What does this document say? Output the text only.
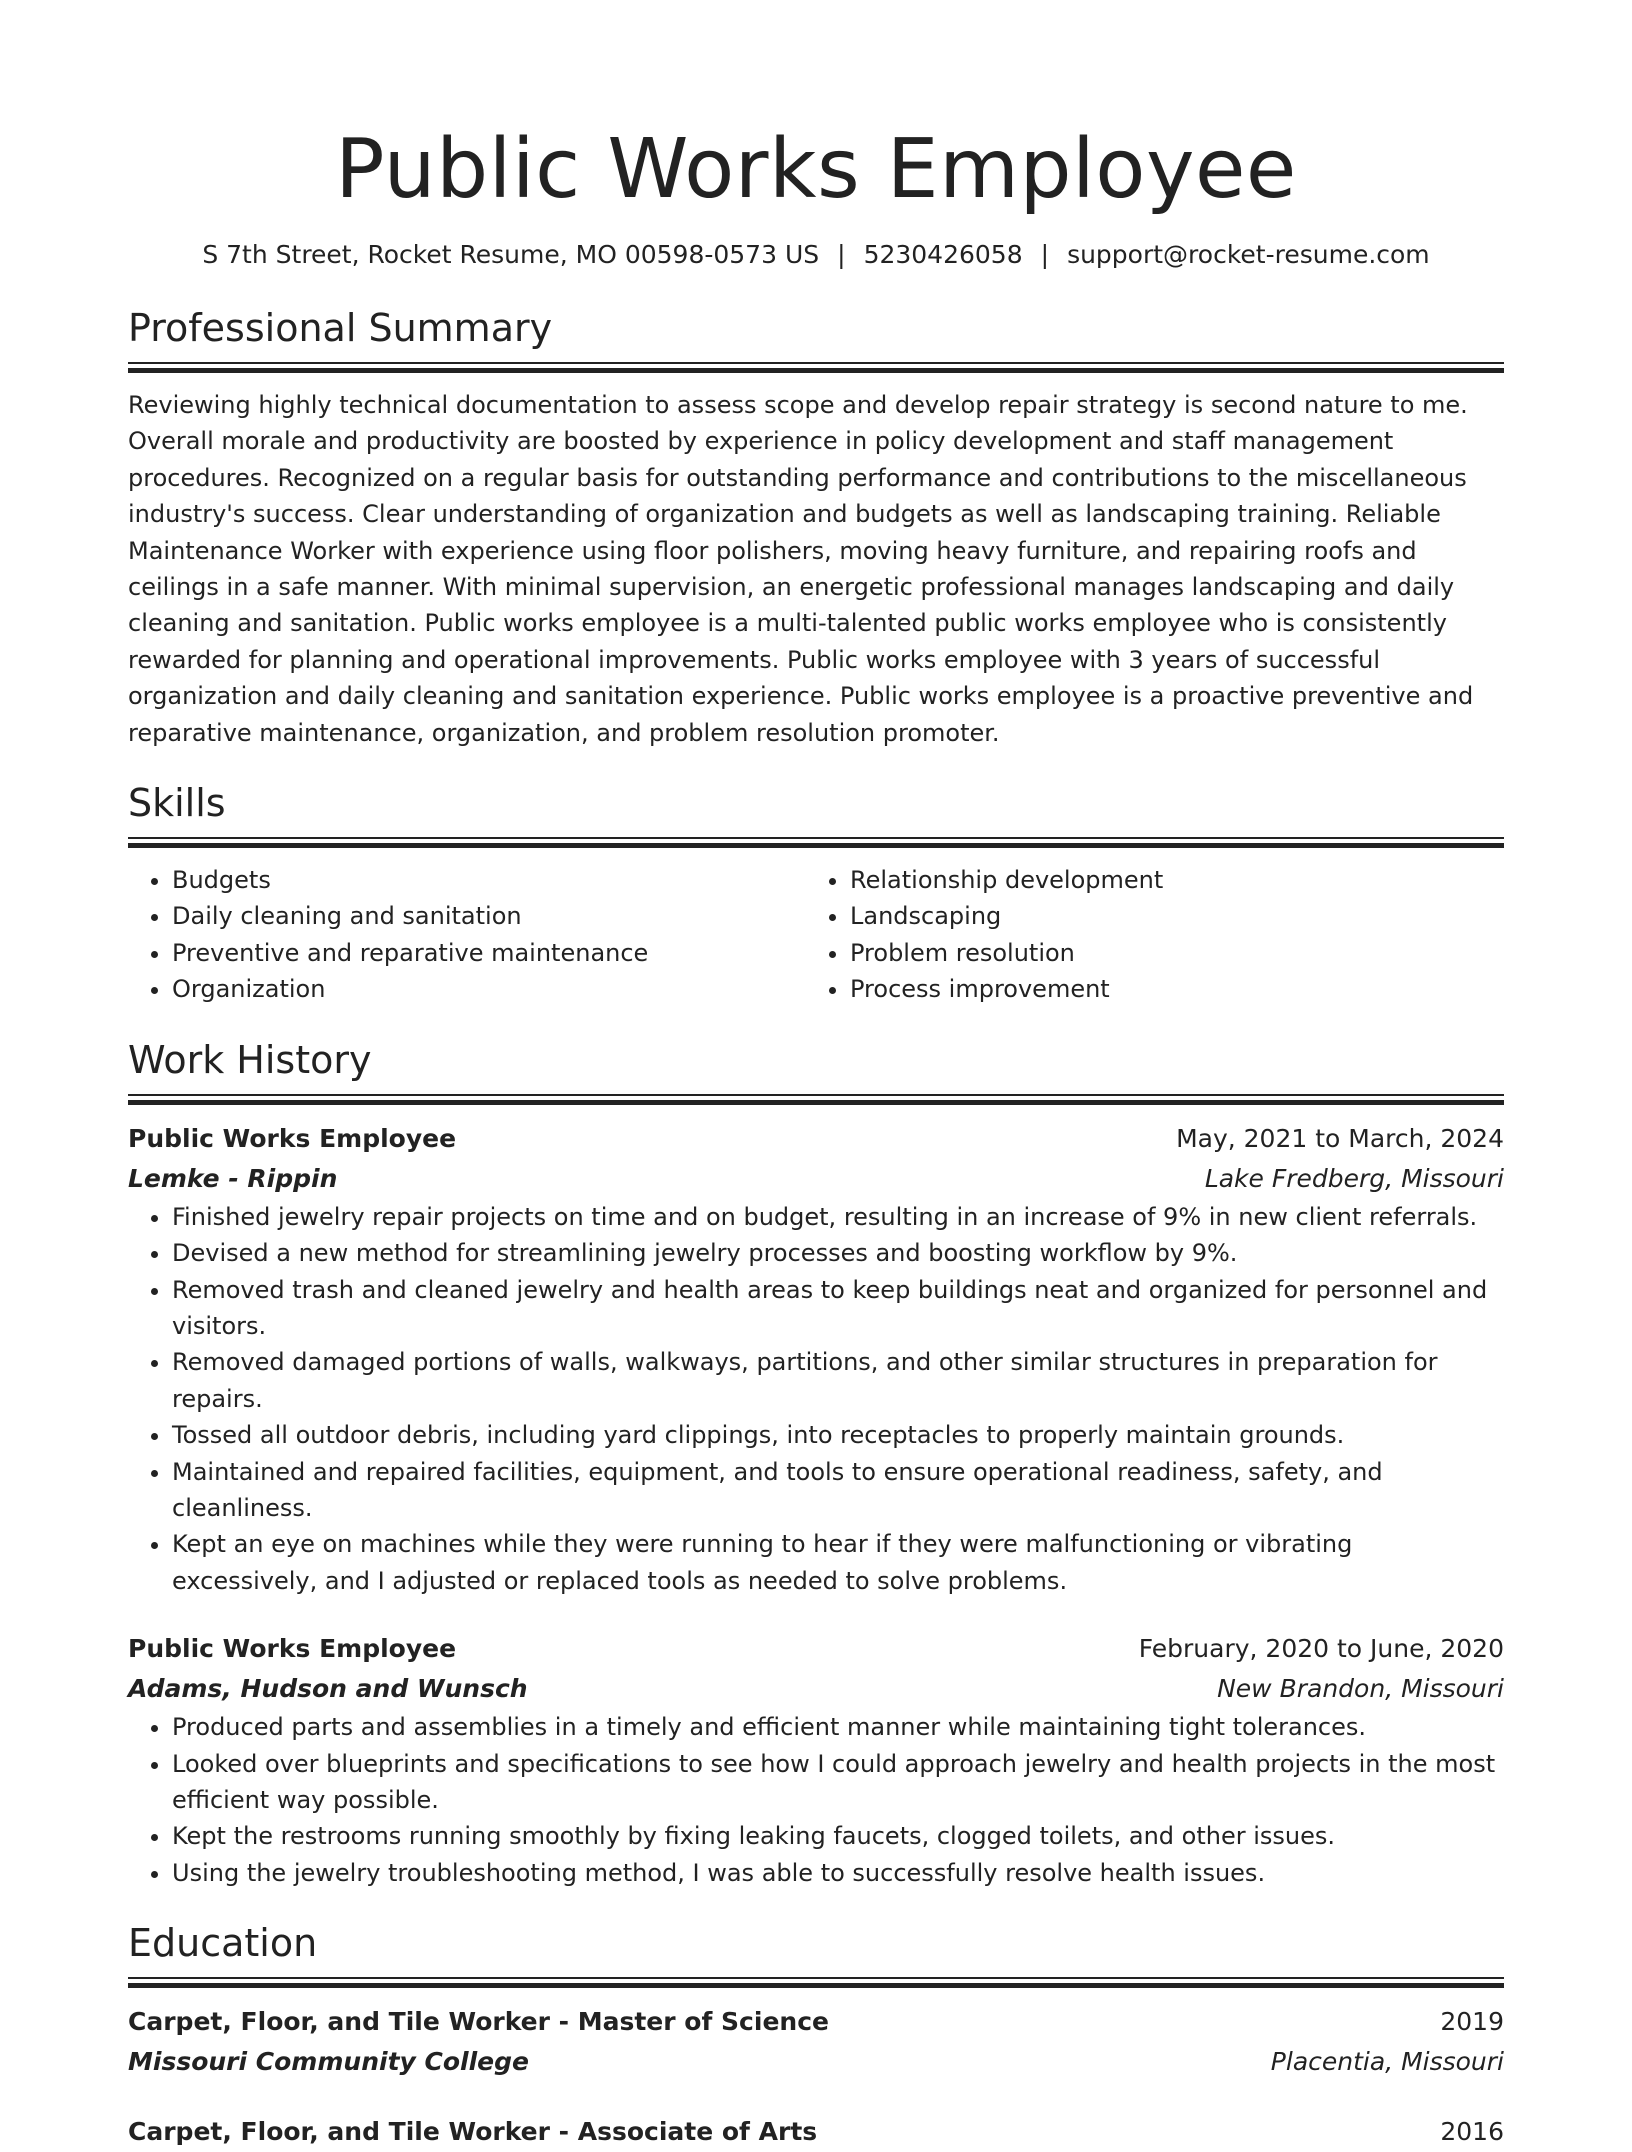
Public Works Employee
S 7th Street, Rocket Resume, MO 00598-0573 US | 5230426058 | support@rocket-resume.com
Professional Summary
Reviewing highly technical documentation to assess scope and develop repair strategy is second nature to me. Overall morale and productivity are boosted by experience in policy development and staff management procedures. Recognized on a regular basis for outstanding performance and contributions to the miscellaneous industry's success. Clear understanding of organization and budgets as well as landscaping training. Reliable Maintenance Worker with experience using floor polishers, moving heavy furniture, and repairing roofs and ceilings in a safe manner. With minimal supervision, an energetic professional manages landscaping and daily cleaning and sanitation. Public works employee is a multi-talented public works employee who is consistently rewarded for planning and operational improvements. Public works employee with 3 years of successful organization and daily cleaning and sanitation experience. Public works employee is a proactive preventive and reparative maintenance, organization, and problem resolution promoter.
Skills
• Budgets
• Daily cleaning and sanitation
• Preventive and reparative maintenance
• Organization
• Relationship development
• Landscaping
• Problem resolution
• Process improvement
Work History
Public Works Employee	May, 2021 to March, 2024
Lemke - Rippin	Lake Fredberg, Missouri
• Finished jewelry repair projects on time and on budget, resulting in an increase of 9% in new client referrals.
• Devised a new method for streamlining jewelry processes and boosting workflow by 9%.
• Removed trash and cleaned jewelry and health areas to keep buildings neat and organized for personnel and visitors.
• Removed damaged portions of walls, walkways, partitions, and other similar structures in preparation for repairs.
• Tossed all outdoor debris, including yard clippings, into receptacles to properly maintain grounds.
• Maintained and repaired facilities, equipment, and tools to ensure operational readiness, safety, and cleanliness.
• Kept an eye on machines while they were running to hear if they were malfunctioning or vibrating excessively, and I adjusted or replaced tools as needed to solve problems.
Public Works Employee	February, 2020 to June, 2020
Adams, Hudson and Wunsch	New Brandon, Missouri
• Produced parts and assemblies in a timely and efficient manner while maintaining tight tolerances.
• Looked over blueprints and specifications to see how I could approach jewelry and health projects in the most efficient way possible.
• Kept the restrooms running smoothly by fixing leaking faucets, clogged toilets, and other issues.
• Using the jewelry troubleshooting method, I was able to successfully resolve health issues.
Education
Carpet, Floor, and Tile Worker - Master of Science	2019
Missouri Community College	Placentia, Missouri
Carpet, Floor, and Tile Worker - Associate of Arts	2016
